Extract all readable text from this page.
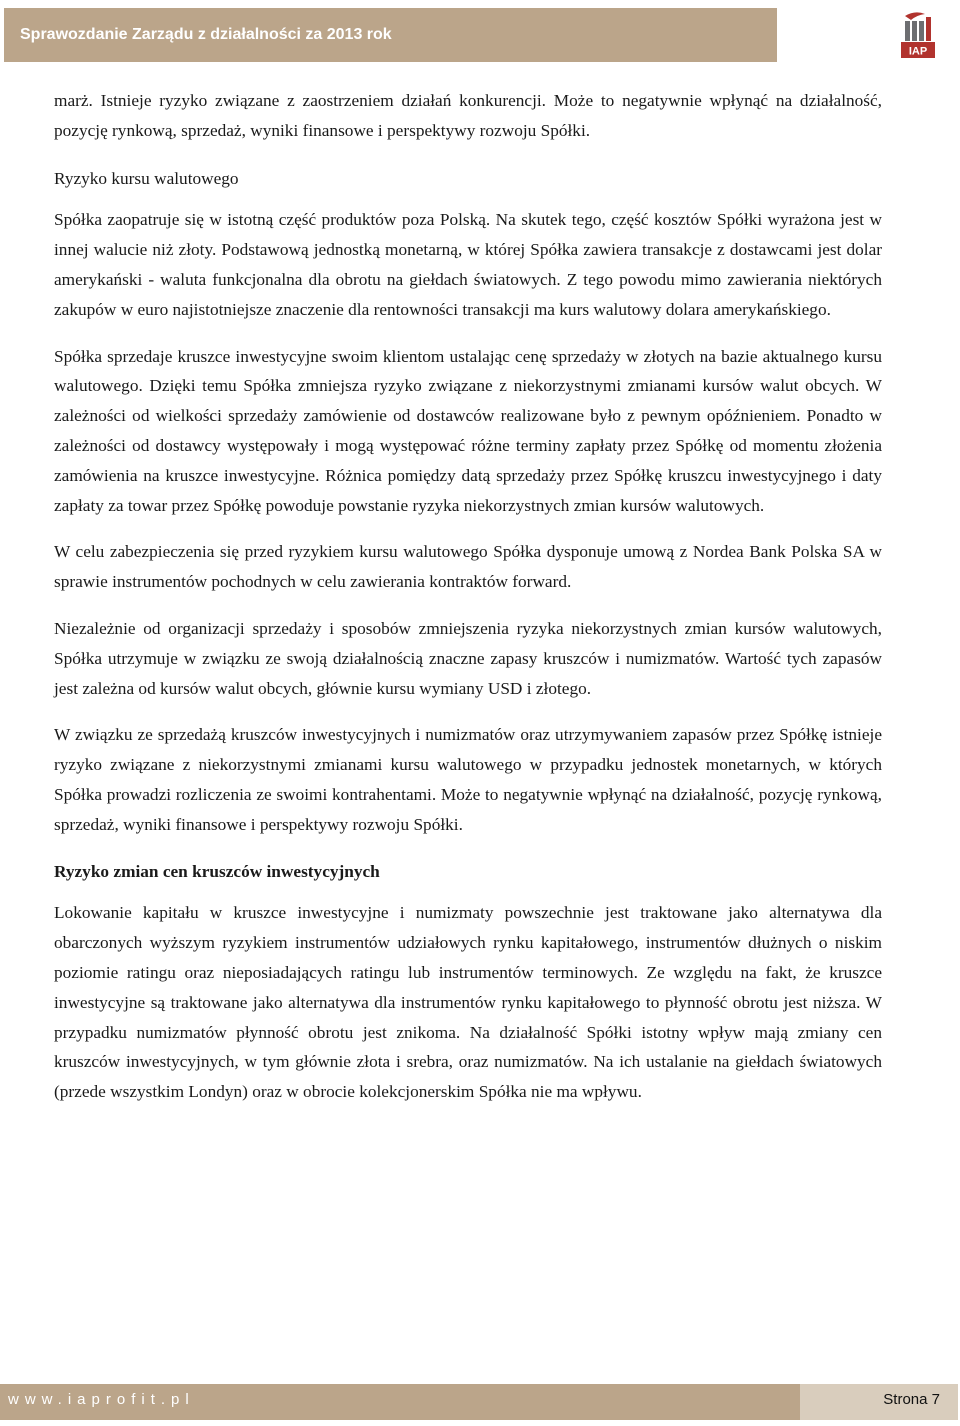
Sprawozdanie Zarządu z działalności za 2013 rok
IAP

marż. Istnieje ryzyko związane z zaostrzeniem działań konkurencji. Może to negatywnie wpłynąć na działalność, pozycję rynkową, sprzedaż, wyniki finansowe i perspektywy rozwoju Spółki.

Ryzyko kursu walutowego

Spółka zaopatruje się w istotną część produktów poza Polską. Na skutek tego, część kosztów Spółki wyrażona jest w innej walucie niż złoty. Podstawową jednostką monetarną, w której Spółka zawiera transakcje z dostawcami jest dolar amerykański - waluta funkcjonalna dla obrotu na giełdach światowych. Z tego powodu mimo zawierania niektórych zakupów w euro najistotniejsze znaczenie dla rentowności transakcji ma kurs walutowy dolara amerykańskiego.

Spółka sprzedaje kruszce inwestycyjne swoim klientom ustalając cenę sprzedaży w złotych na bazie aktualnego kursu walutowego. Dzięki temu Spółka zmniejsza ryzyko związane z niekorzystnymi zmianami kursów walut obcych. W zależności od wielkości sprzedaży zamówienie od dostawców realizowane było z pewnym opóźnieniem. Ponadto w zależności od dostawcy występowały i mogą występować różne terminy zapłaty przez Spółkę od momentu złożenia zamówienia na kruszce inwestycyjne. Różnica pomiędzy datą sprzedaży przez Spółkę kruszcu inwestycyjnego i daty zapłaty za towar przez Spółkę powoduje powstanie ryzyka niekorzystnych zmian kursów walutowych.

W celu zabezpieczenia się przed ryzykiem kursu walutowego Spółka dysponuje umową z Nordea Bank Polska SA w sprawie instrumentów pochodnych w celu zawierania kontraktów forward.

Niezależnie od organizacji sprzedaży i sposobów zmniejszenia ryzyka niekorzystnych zmian kursów walutowych, Spółka utrzymuje w związku ze swoją działalnością znaczne zapasy kruszców i numizmatów. Wartość tych zapasów jest zależna od kursów walut obcych, głównie kursu wymiany USD i złotego.

W związku ze sprzedażą kruszców inwestycyjnych i numizmatów oraz utrzymywaniem zapasów przez Spółkę istnieje ryzyko związane z niekorzystnymi zmianami kursu walutowego w przypadku jednostek monetarnych, w których Spółka prowadzi rozliczenia ze swoimi kontrahentami. Może to negatywnie wpłynąć na działalność, pozycję rynkową, sprzedaż, wyniki finansowe i perspektywy rozwoju Spółki.

Ryzyko zmian cen kruszców inwestycyjnych

Lokowanie kapitału w kruszce inwestycyjne i numizmaty powszechnie jest traktowane jako alternatywa dla obarczonych wyższym ryzykiem instrumentów udziałowych rynku kapitałowego, instrumentów dłużnych o niskim poziomie ratingu oraz nieposiadających ratingu lub instrumentów terminowych. Ze względu na fakt, że kruszce inwestycyjne są traktowane jako alternatywa dla instrumentów rynku kapitałowego to płynność obrotu jest niższa. W przypadku numizmatów płynność obrotu jest znikoma. Na działalność Spółki istotny wpływ mają zmiany cen kruszców inwestycyjnych, w tym głównie złota i srebra, oraz numizmatów. Na ich ustalanie na giełdach światowych (przede wszystkim Londyn) oraz w obrocie kolekcjonerskim Spółka nie ma wpływu.

www.iaprofit.pl	Strona 7
